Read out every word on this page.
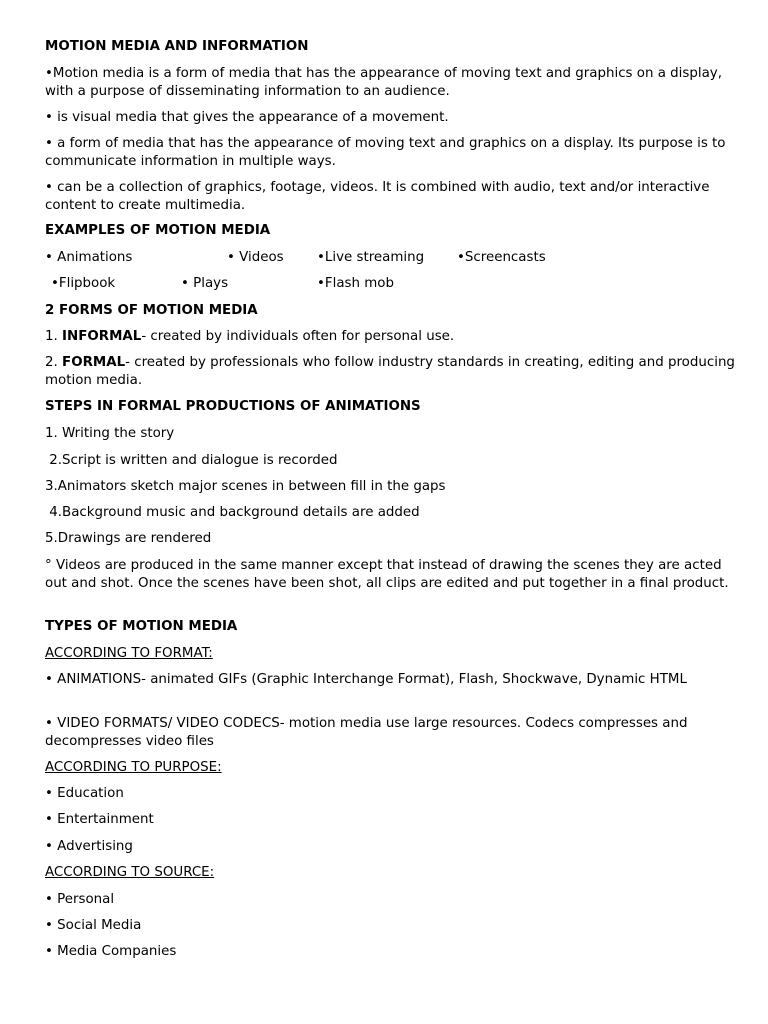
MOTION MEDIA AND INFORMATION
•Motion media is a form of media that has the appearance of moving text and graphics on a display, with a purpose of disseminating information to an audience.
• is visual media that gives the appearance of a movement.
• a form of media that has the appearance of moving text and graphics on a display. Its purpose is to communicate information in multiple ways.
• can be a collection of graphics, footage, videos. It is combined with audio, text and/or interactive content to create multimedia.
EXAMPLES OF MOTION MEDIA
• Animations	• Videos •Live streaming •Screencasts
•Flipbook	• Plays	•Flash mob
2 FORMS OF MOTION MEDIA
1. INFORMAL- created by individuals often for personal use.
2. FORMAL- created by professionals who follow industry standards in creating, editing and producing motion media.
STEPS IN FORMAL PRODUCTIONS OF ANIMATIONS
1. Writing the story
2.Script is written and dialogue is recorded
3.Animators sketch major scenes in between fill in the gaps
4.Background music and background details are added
5.Drawings are rendered
° Videos are produced in the same manner except that instead of drawing the scenes they are acted out and shot. Once the scenes have been shot, all clips are edited and put together in a final product.
TYPES OF MOTION MEDIA
ACCORDING TO FORMAT:
• ANIMATIONS- animated GIFs (Graphic Interchange Format), Flash, Shockwave, Dynamic HTML
• VIDEO FORMATS/ VIDEO CODECS- motion media use large resources. Codecs compresses and decompresses video files
ACCORDING TO PURPOSE:
• Education
• Entertainment
• Advertising
ACCORDING TO SOURCE:
• Personal
• Social Media
• Media Companies
